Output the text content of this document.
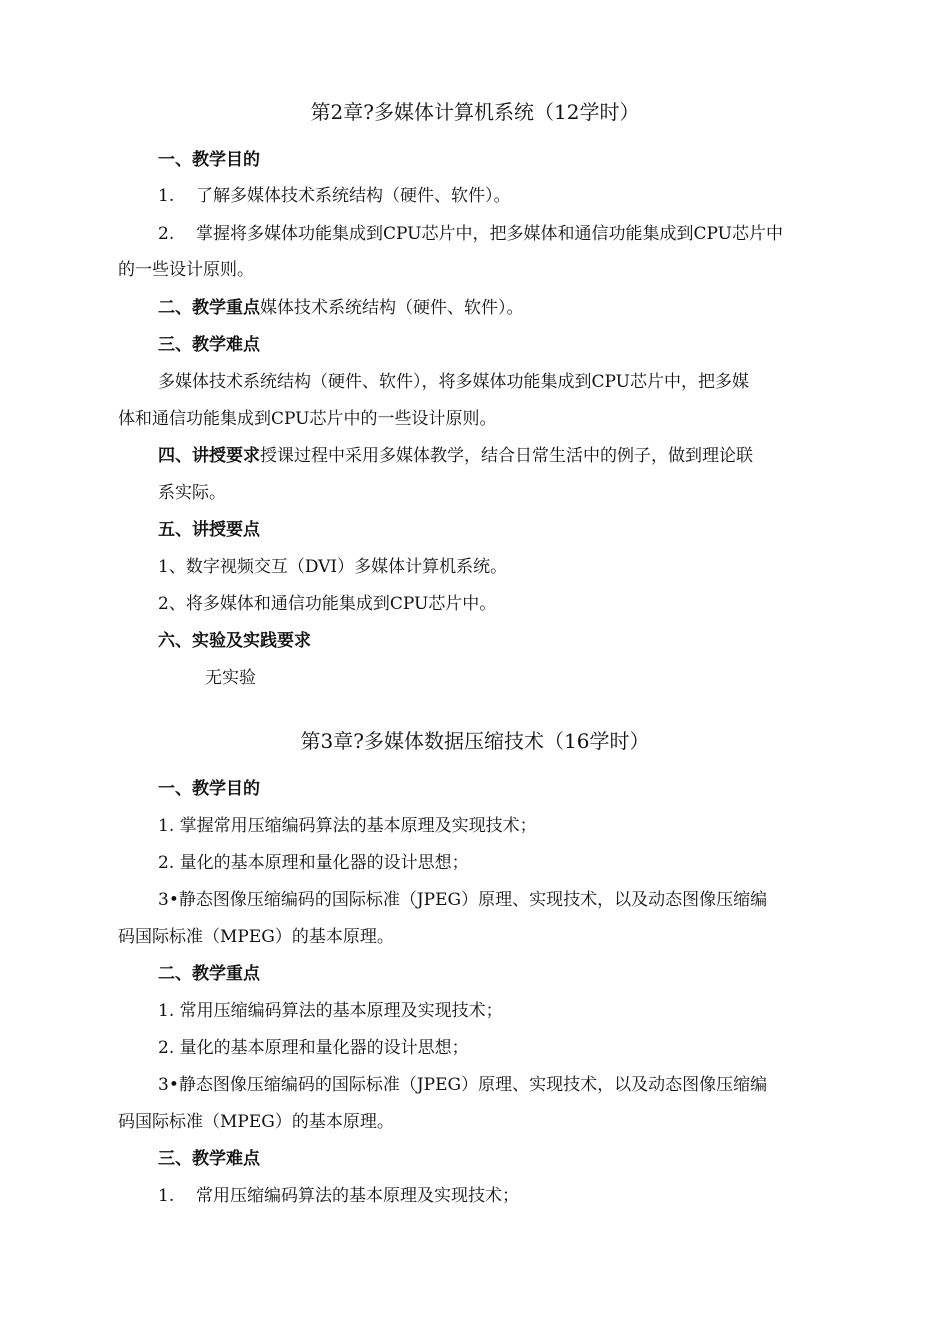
第2章?多媒体计算机系统（12学时）
一、教学目的
1. 了解多媒体技术系统结构（硬件、软件）。
2. 掌握将多媒体功能集成到CPU芯片中，把多媒体和通信功能集成到CPU芯片中
的一些设计原则。
二、教学重点媒体技术系统结构（硬件、软件）。
三、教学难点
多媒体技术系统结构（硬件、软件），将多媒体功能集成到CPU芯片中，把多媒
体和通信功能集成到CPU芯片中的一些设计原则。
四、讲授要求授课过程中采用多媒体教学，结合日常生活中的例子，做到理论联
系实际。
五、讲授要点
1、数字视频交互（DVI）多媒体计算机系统。
2、将多媒体和通信功能集成到CPU芯片中。
六、实验及实践要求
无实验
第3章?多媒体数据压缩技术（16学时）
一、教学目的
1. 掌握常用压缩编码算法的基本原理及实现技术；
2. 量化的基本原理和量化器的设计思想；
3•静态图像压缩编码的国际标准（JPEG）原理、实现技术，以及动态图像压缩编
码国际标准（MPEG）的基本原理。
二、教学重点
1. 常用压缩编码算法的基本原理及实现技术；
2. 量化的基本原理和量化器的设计思想；
3•静态图像压缩编码的国际标准（JPEG）原理、实现技术，以及动态图像压缩编
码国际标准（MPEG）的基本原理。
三、教学难点
1. 常用压缩编码算法的基本原理及实现技术；
